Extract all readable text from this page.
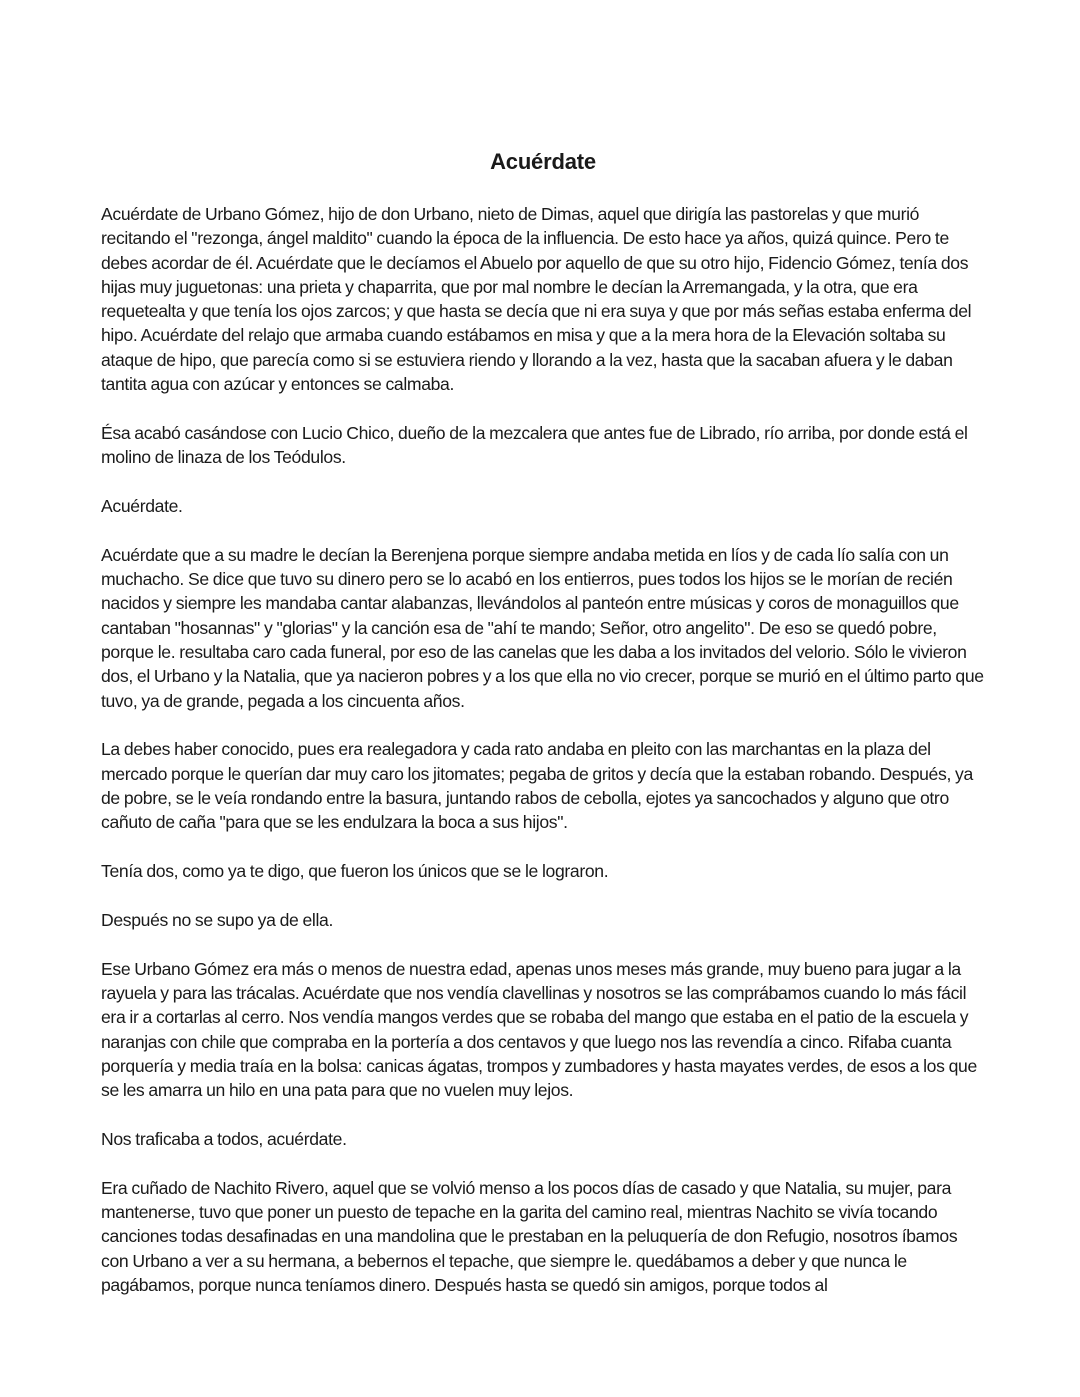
Acuérdate

Acuérdate de Urbano Gómez, hijo de don Urbano, nieto de Dimas, aquel que dirigía las pastorelas y que murió recitando el "rezonga, ángel maldito" cuando la época de la influencia. De esto hace ya años, quizá quince. Pero te debes acordar de él. Acuérdate que le decíamos el Abuelo por aquello de que su otro hijo, Fidencio Gómez, tenía dos hijas muy juguetonas: una prieta y chaparrita, que por mal nombre le decían la Arremangada, y la otra, que era requetealta y que tenía los ojos zarcos; y que hasta se decía que ni era suya y que por más señas estaba enferma del hipo. Acuérdate del relajo que armaba cuando estábamos en misa y que a la mera hora de la Elevación soltaba su ataque de hipo, que parecía como si se estuviera riendo y llorando a la vez, hasta que la sacaban afuera y le daban tantita agua con azúcar y entonces se calmaba.

Ésa acabó casándose con Lucio Chico, dueño de la mezcalera que antes fue de Librado, río arriba, por donde está el molino de linaza de los Teódulos.

Acuérdate.

Acuérdate que a su madre le decían la Berenjena porque siempre andaba metida en líos y de cada lío salía con un muchacho. Se dice que tuvo su dinero pero se lo acabó en los entierros, pues todos los hijos se le morían de recién nacidos y siempre les mandaba cantar alabanzas, llevándolos al panteón entre músicas y coros de monaguillos que cantaban "hosannas" y "glorias" y la canción esa de "ahí te mando; Señor, otro angelito". De eso se quedó pobre, porque le. resultaba caro cada funeral, por eso de las canelas que les daba a los invitados del velorio. Sólo le vivieron dos, el Urbano y la Natalia, que ya nacieron pobres y a los que ella no vio crecer, porque se murió en el último parto que tuvo, ya de grande, pegada a los cincuenta años.

La debes haber conocido, pues era realegadora y cada rato andaba en pleito con las marchantas en la plaza del mercado porque le querían dar muy caro los jitomates; pegaba de gritos y decía que la estaban robando. Después, ya de pobre, se le veía rondando entre la basura, juntando rabos de cebolla, ejotes ya sancochados y alguno que otro cañuto de caña "para que se les endulzara la boca a sus hijos".

Tenía dos, como ya te digo, que fueron los únicos que se le lograron.

Después no se supo ya de ella.

Ese Urbano Gómez era más o menos de nuestra edad, apenas unos meses más grande, muy bueno para jugar a la rayuela y para las trácalas. Acuérdate que nos vendía clavellinas y nosotros se las comprábamos cuando lo más fácil era ir a cortarlas al cerro. Nos vendía mangos verdes que se robaba del mango que estaba en el patio de la escuela y naranjas con chile que compraba en la portería a dos centavos y que luego nos las revendía a cinco. Rifaba cuanta porquería y media traía en la bolsa: canicas ágatas, trompos y zumbadores y hasta mayates verdes, de esos a los que se les amarra un hilo en una pata para que no vuelen muy lejos.

Nos traficaba a todos, acuérdate.

Era cuñado de Nachito Rivero, aquel que se volvió menso a los pocos días de casado y que Natalia, su mujer, para mantenerse, tuvo que poner un puesto de tepache en la garita del camino real, mientras Nachito se vivía tocando canciones todas desafinadas en una mandolina que le prestaban en la peluquería de don Refugio, nosotros íbamos con Urbano a ver a su hermana, a bebernos el tepache, que siempre le. quedábamos a deber y que nunca le pagábamos, porque nunca teníamos dinero. Después hasta se quedó sin amigos, porque todos al
